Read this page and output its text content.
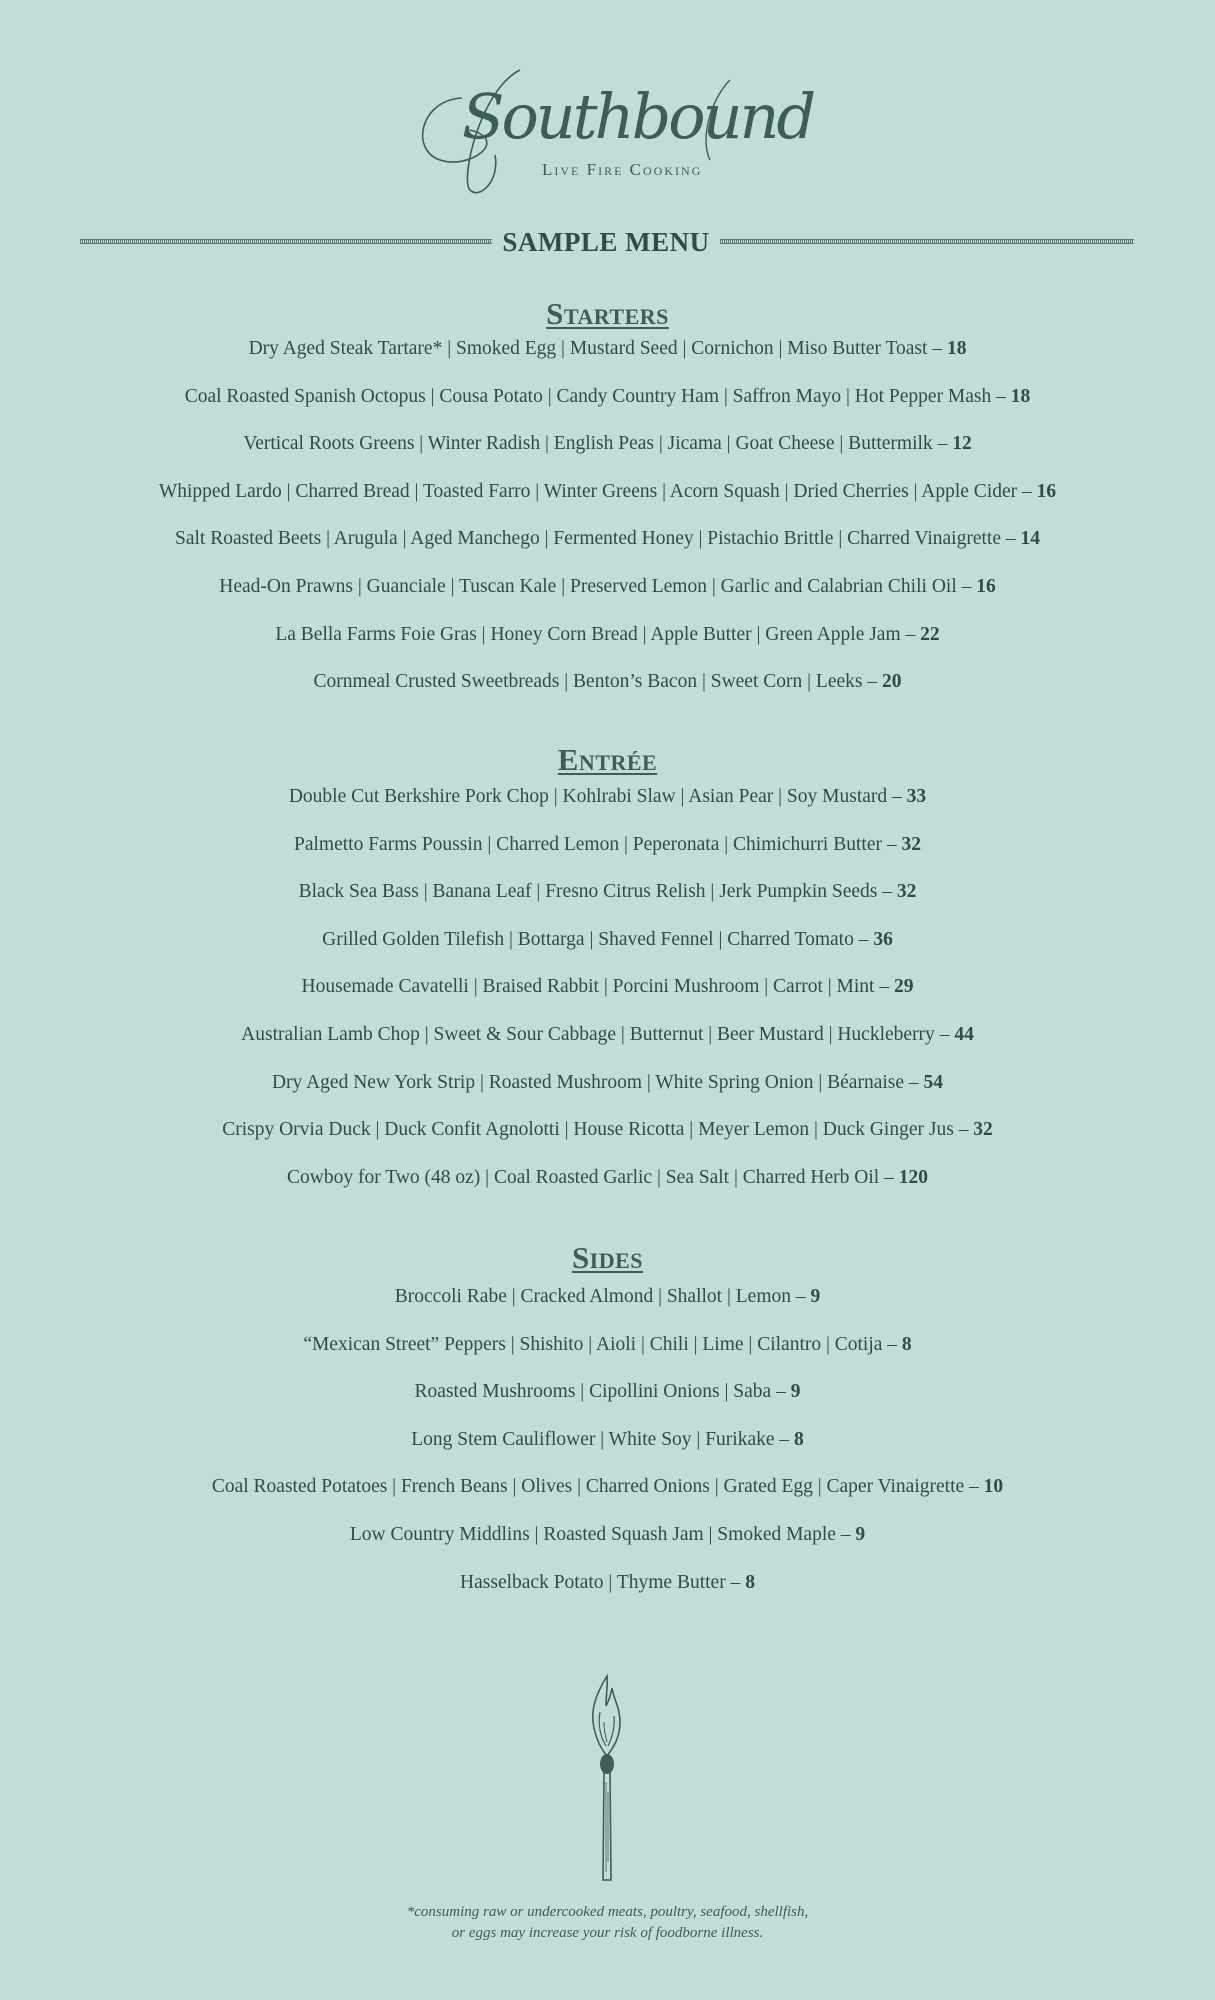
Southbound
Live Fire Cooking
SAMPLE MENU
Starters
Dry Aged Steak Tartare* | Smoked Egg | Mustard Seed | Cornichon | Miso Butter Toast – 18
Coal Roasted Spanish Octopus | Cousa Potato | Candy Country Ham | Saffron Mayo | Hot Pepper Mash – 18
Vertical Roots Greens | Winter Radish | English Peas | Jicama | Goat Cheese | Buttermilk – 12
Whipped Lardo | Charred Bread | Toasted Farro | Winter Greens | Acorn Squash | Dried Cherries | Apple Cider – 16
Salt Roasted Beets | Arugula | Aged Manchego | Fermented Honey | Pistachio Brittle | Charred Vinaigrette – 14
Head-On Prawns | Guanciale | Tuscan Kale | Preserved Lemon | Garlic and Calabrian Chili Oil – 16
La Bella Farms Foie Gras | Honey Corn Bread | Apple Butter | Green Apple Jam – 22
Cornmeal Crusted Sweetbreads | Benton’s Bacon | Sweet Corn | Leeks – 20
Entrée
Double Cut Berkshire Pork Chop | Kohlrabi Slaw | Asian Pear | Soy Mustard – 33
Palmetto Farms Poussin | Charred Lemon | Peperonata | Chimichurri Butter – 32
Black Sea Bass | Banana Leaf | Fresno Citrus Relish | Jerk Pumpkin Seeds – 32
Grilled Golden Tilefish | Bottarga | Shaved Fennel | Charred Tomato – 36
Housemade Cavatelli | Braised Rabbit | Porcini Mushroom | Carrot | Mint – 29
Australian Lamb Chop | Sweet & Sour Cabbage | Butternut | Beer Mustard | Huckleberry – 44
Dry Aged New York Strip | Roasted Mushroom | White Spring Onion | Béarnaise – 54
Crispy Orvia Duck | Duck Confit Agnolotti | House Ricotta | Meyer Lemon | Duck Ginger Jus – 32
Cowboy for Two (48 oz) | Coal Roasted Garlic | Sea Salt | Charred Herb Oil – 120
Sides
Broccoli Rabe | Cracked Almond | Shallot | Lemon – 9
“Mexican Street” Peppers | Shishito | Aioli | Chili | Lime | Cilantro | Cotija – 8
Roasted Mushrooms | Cipollini Onions | Saba – 9
Long Stem Cauliflower | White Soy | Furikake – 8
Coal Roasted Potatoes | French Beans | Olives | Charred Onions | Grated Egg | Caper Vinaigrette – 10
Low Country Middlins | Roasted Squash Jam | Smoked Maple – 9
Hasselback Potato | Thyme Butter – 8
*consuming raw or undercooked meats, poultry, seafood, shellfish,
or eggs may increase your risk of foodborne illness.
